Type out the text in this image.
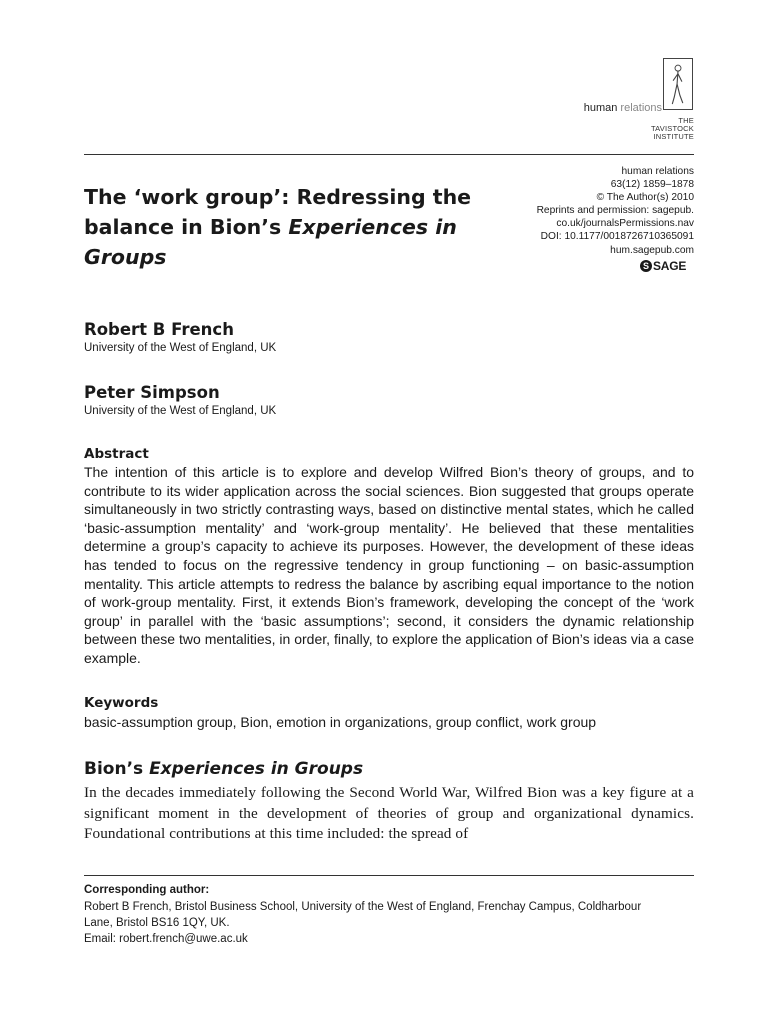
human relations
THE
TAVISTOCK
INSTITUTE
The ‘work group’: Redressing the balance in Bion’s Experiences in Groups
human relations
63(12) 1859–1878
© The Author(s) 2010
Reprints and permission: sagepub.
co.uk/journalsPermissions.nav
DOI: 10.1177/0018726710365091
hum.sagepub.com
S SAGE
Robert B French
University of the West of England, UK
Peter Simpson
University of the West of England, UK
Abstract
The intention of this article is to explore and develop Wilfred Bion’s theory of groups, and to contribute to its wider application across the social sciences. Bion suggested that groups operate simultaneously in two strictly contrasting ways, based on distinctive mental states, which he called ‘basic-assumption mentality’ and ‘work-group mentality’. He believed that these mentalities determine a group’s capacity to achieve its purposes. However, the development of these ideas has tended to focus on the regressive tendency in group functioning – on basic-assumption mentality. This article attempts to redress the balance by ascribing equal importance to the notion of work-group mentality. First, it extends Bion’s framework, developing the concept of the ‘work group’ in parallel with the ‘basic assumptions’; second, it considers the dynamic relationship between these two mentalities, in order, finally, to explore the application of Bion’s ideas via a case example.
Keywords
basic-assumption group, Bion, emotion in organizations, group conflict, work group
Bion’s Experiences in Groups
In the decades immediately following the Second World War, Wilfred Bion was a key figure at a significant moment in the development of theories of group and organizational dynamics. Foundational contributions at this time included: the spread of
Corresponding author:
Robert B French, Bristol Business School, University of the West of England, Frenchay Campus, Coldharbour
Lane, Bristol BS16 1QY, UK.
Email: robert.french@uwe.ac.uk
